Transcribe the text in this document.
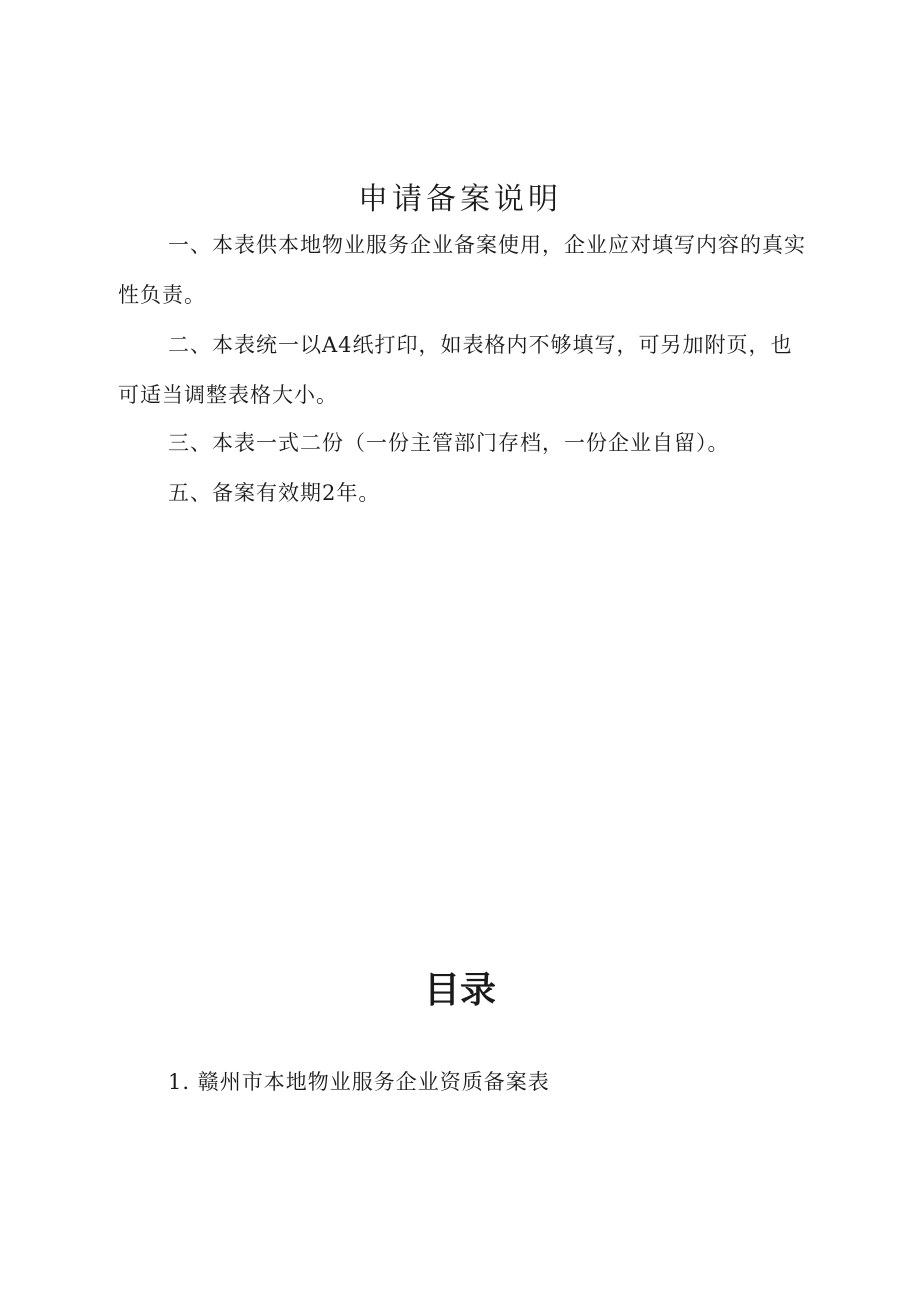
申请备案说明

一、本表供本地物业服务企业备案使用，企业应对填写内容的真实性负责。

二、本表统一以A4纸打印，如表格内不够填写，可另加附页，也可适当调整表格大小。

三、本表一式二份（一份主管部门存档，一份企业自留）。

五、备案有效期2年。

目录

1. 赣州市本地物业服务企业资质备案表
